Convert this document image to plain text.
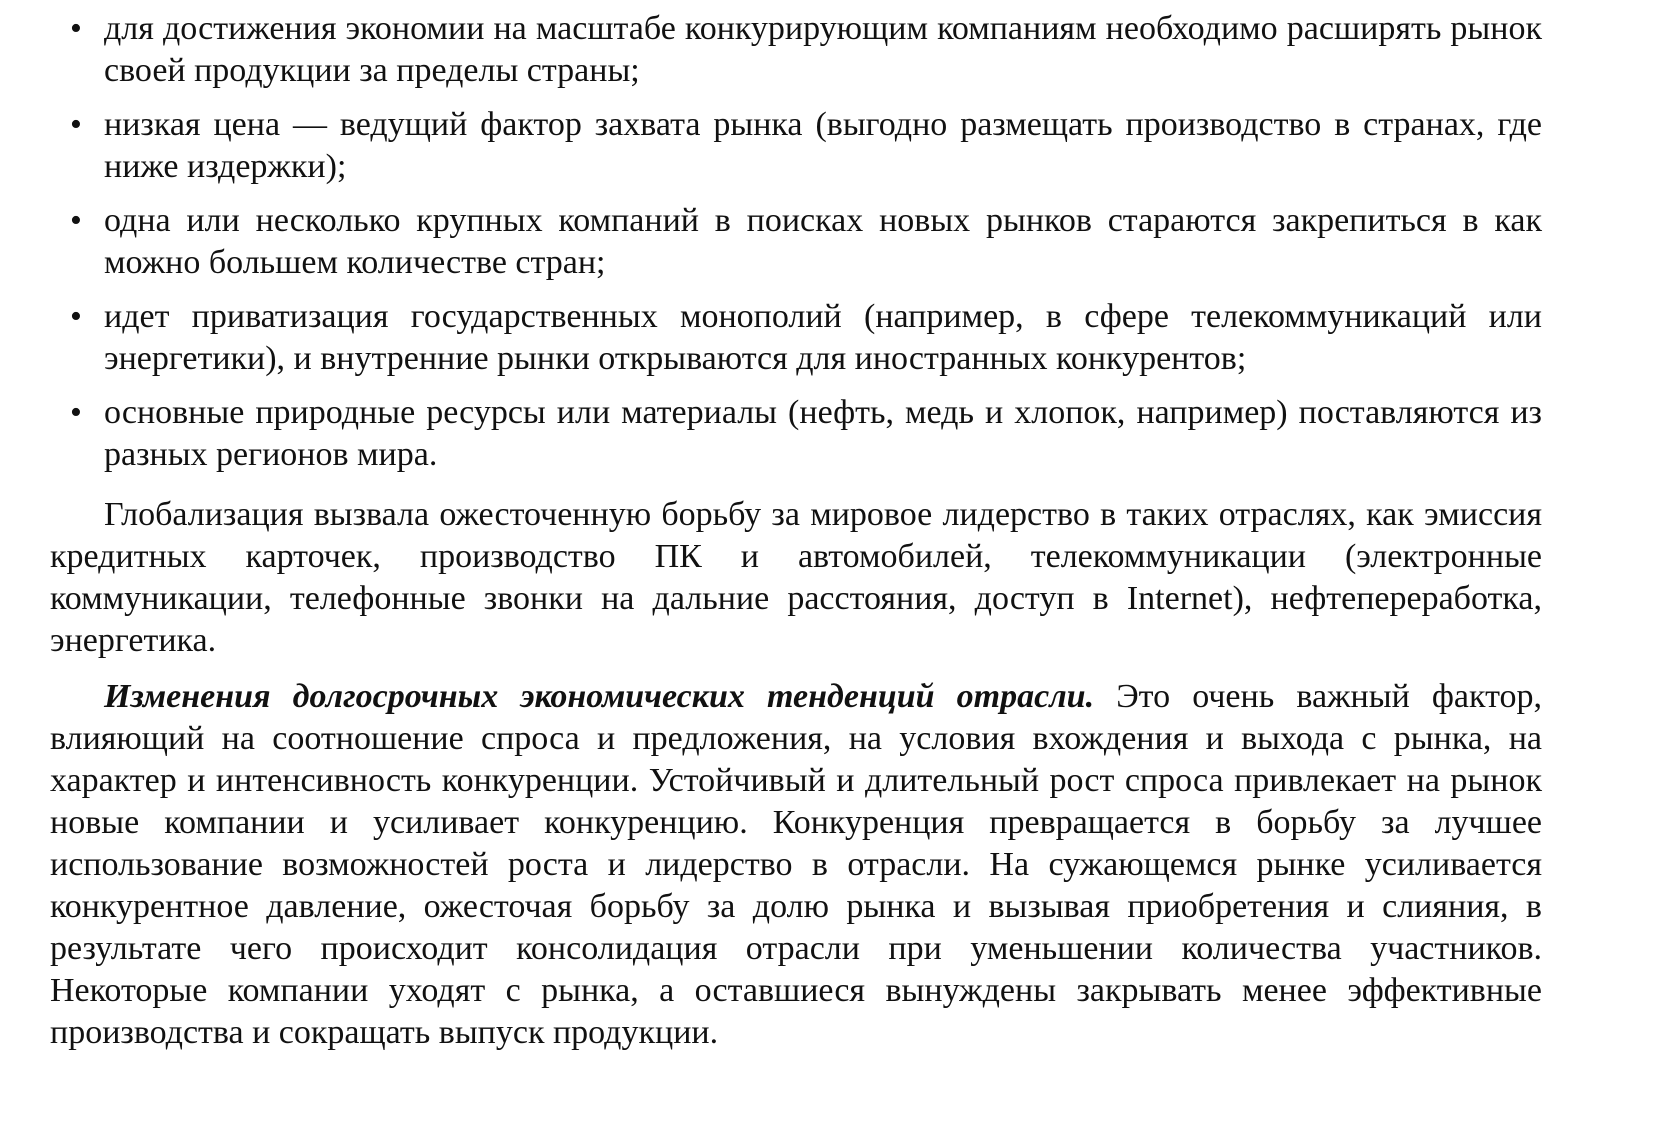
• для достижения экономии на масштабе конкурирующим компаниям необходимо расширять рынок своей продукции за пределы страны;
• низкая цена — ведущий фактор захвата рынка (выгодно размещать производство в странах, где ниже издержки);
• одна или несколько крупных компаний в поисках новых рынков стараются закрепиться в как можно большем количестве стран;
• идет приватизация государственных монополий (например, в сфере телекоммуникаций или энергетики), и внутренние рынки открываются для иностранных конкурентов;
• основные природные ресурсы или материалы (нефть, медь и хлопок, например) поставляются из разных регионов мира.

Глобализация вызвала ожесточенную борьбу за мировое лидерство в таких отраслях, как эмиссия кредитных карточек, производство ПК и автомобилей, телекоммуникации (электронные коммуникации, телефонные звонки на дальние расстояния, доступ в Internet), нефтепереработка, энергетика.

Изменения долгосрочных экономических тенденций отрасли. Это очень важный фактор, влияющий на соотношение спроса и предложения, на условия вхождения и выхода с рынка, на характер и интенсивность конкуренции. Устойчивый и длительный рост спроса привлекает на рынок новые компании и усиливает конкуренцию. Конкуренция превращается в борьбу за лучшее использование возможностей роста и лидерство в отрасли. На сужающемся рынке усиливается конкурентное давление, ожесточая борьбу за долю рынка и вызывая приобретения и слияния, в результате чего происходит консолидация отрасли при уменьшении количества участников. Некоторые компании уходят с рынка, а оставшиеся вынуждены закрывать менее эффективные производства и сокращать выпуск продукции.
